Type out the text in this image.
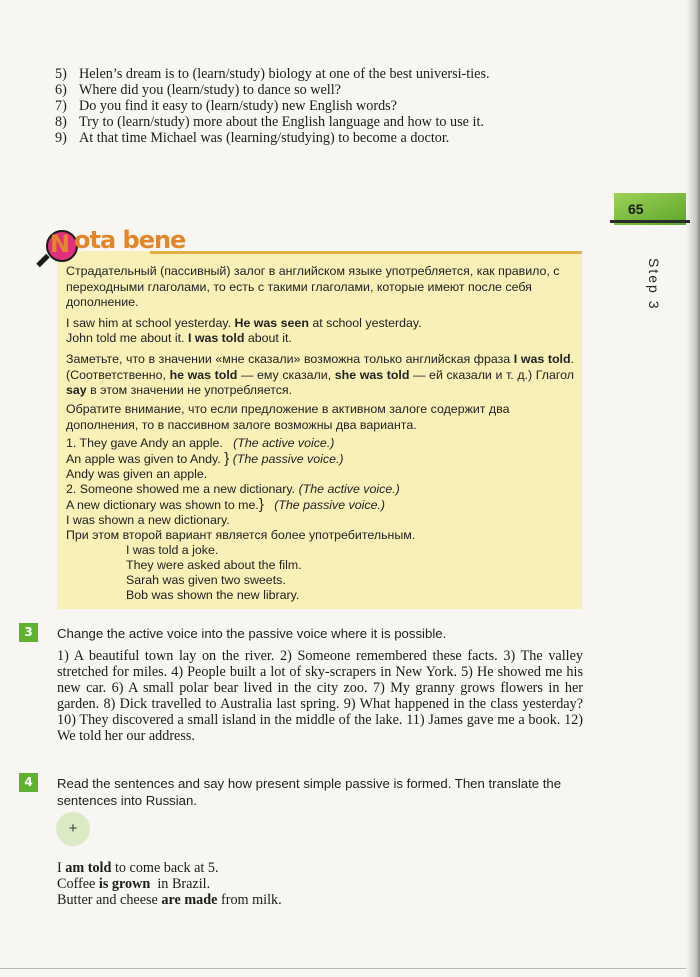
5) Helen’s dream is to (learn/study) biology at one of the best universi-ties.
6) Where did you (learn/study) to dance so well?
7) Do you find it easy to (learn/study) new English words?
8) Try to (learn/study) more about the English language and how to use it.
9) At that time Michael was (learning/studying) to become a doctor.
65
Step 3
N ota bene
Страдательный (пассивный) залог в английском языке употребляется, как правило, с переходными глаголами, то есть с такими глаголами, которые имеют после себя дополнение.
I saw him at school yesterday. He was seen at school yesterday.
John told me about it. I was told about it.
Заметьте, что в значении «мне сказали» возможна только английская фраза I was told. (Соответственно, he was told — ему сказали, she was told — ей сказали и т. д.) Глагол say в этом значении не употребляется.
Обратите внимание, что если предложение в активном залоге содержит два дополнения, то в пассивном залоге возможны два варианта.

1. They gave Andy an apple. (The active voice.)

An apple was given to Andy. } (The passive voice.)

Andy was given an apple.

2. Someone showed me a new dictionary. (The active voice.)

A new dictionary was shown to me.} (The passive voice.)

I was shown a new dictionary.

При этом второй вариант является более употребительным.

I was told a joke.

They were asked about the film.

Sarah was given two sweets.

Bob was shown the new library.

3	Change the active voice into the passive voice where it is possible.
1) A beautiful town lay on the river. 2) Someone remembered these facts. 3) The valley stretched for miles. 4) People built a lot of sky-scrapers in New York. 5) He showed me his new car. 6) A small polar bear lived in the city zoo. 7) My granny grows flowers in her garden. 8) Dick travelled to Australia last spring. 9) What happened in the class yesterday? 10) They discovered a small island in the middle of the lake. 11) James gave me a book. 12) We told her our address.
4	Read the sentences and say how present simple passive is formed. Then translate the sentences into Russian.
+
I am told to come back at 5.
Coffee is grown in Brazil.
Butter and cheese are made from milk.
